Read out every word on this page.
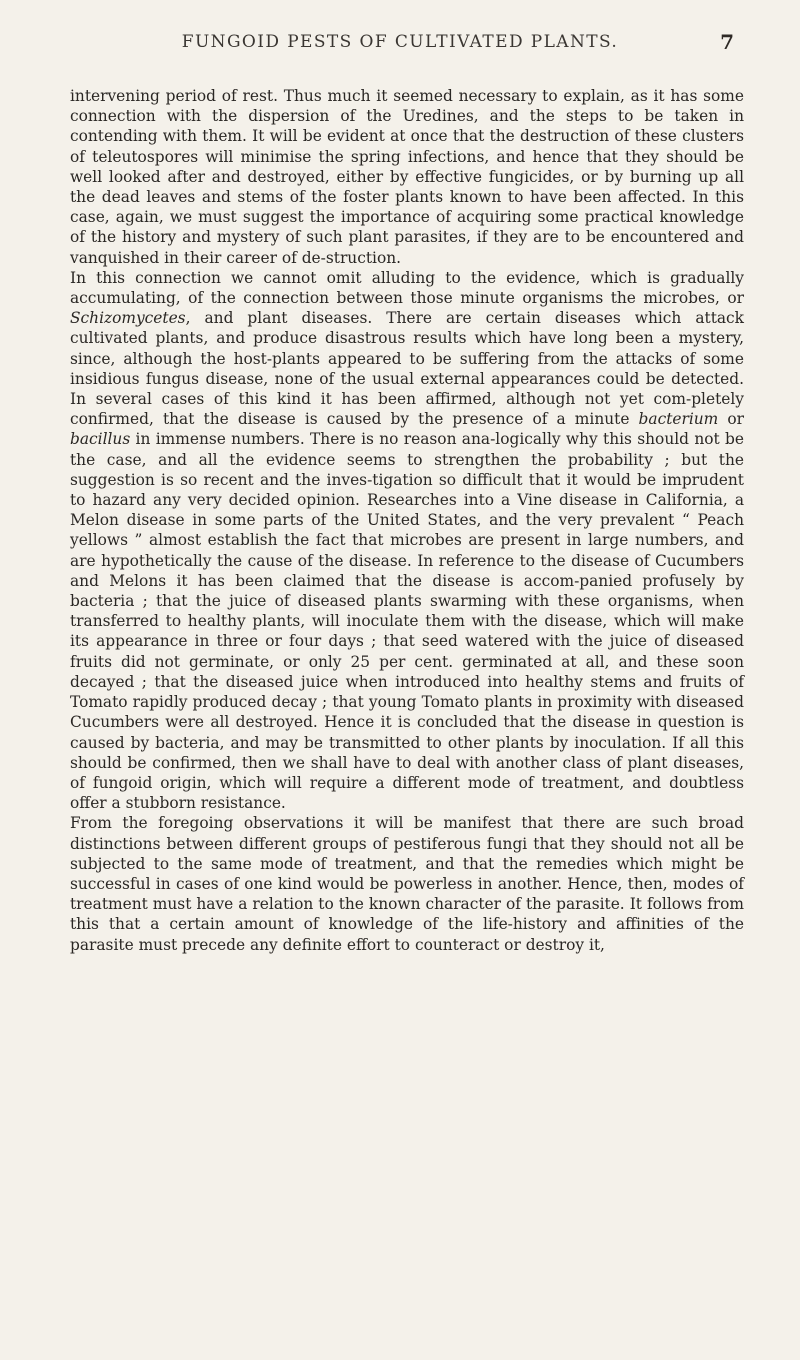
FUNGOID PESTS OF CULTIVATED PLANTS.	7

intervening period of rest. Thus much it seemed necessary to explain, as it has some connection with the dispersion of the Uredines, and the steps to be taken in contending with them. It will be evident at once that the destruction of these clusters of teleutospores will minimise the spring infections, and hence that they should be well looked after and destroyed, either by effective fungicides, or by burning up all the dead leaves and stems of the foster plants known to have been affected. In this case, again, we must suggest the importance of acquiring some practical knowledge of the history and mystery of such plant parasites, if they are to be encountered and vanquished in their career of de-struction.

In this connection we cannot omit alluding to the evidence, which is gradually accumulating, of the connection between those minute organisms the microbes, or Schizomycetes, and plant diseases. There are certain diseases which attack cultivated plants, and produce disastrous results which have long been a mystery, since, although the host-plants appeared to be suffering from the attacks of some insidious fungus disease, none of the usual external appearances could be detected. In several cases of this kind it has been affirmed, although not yet com-pletely confirmed, that the disease is caused by the presence of a minute bacterium or bacillus in immense numbers. There is no reason ana-logically why this should not be the case, and all the evidence seems to strengthen the probability ; but the suggestion is so recent and the inves-tigation so difficult that it would be imprudent to hazard any very decided opinion. Researches into a Vine disease in California, a Melon disease in some parts of the United States, and the very prevalent “ Peach yellows ” almost establish the fact that microbes are present in large numbers, and are hypothetically the cause of the disease. In reference to the disease of Cucumbers and Melons it has been claimed that the disease is accom-panied profusely by bacteria ; that the juice of diseased plants swarming with these organisms, when transferred to healthy plants, will inoculate them with the disease, which will make its appearance in three or four days ; that seed watered with the juice of diseased fruits did not germinate, or only 25 per cent. germinated at all, and these soon decayed ; that the diseased juice when introduced into healthy stems and fruits of Tomato rapidly produced decay ; that young Tomato plants in proximity with diseased Cucumbers were all destroyed. Hence it is concluded that the disease in question is caused by bacteria, and may be transmitted to other plants by inoculation. If all this should be confirmed, then we shall have to deal with another class of plant diseases, of fungoid origin, which will require a different mode of treatment, and doubtless offer a stubborn resistance.

From the foregoing observations it will be manifest that there are such broad distinctions between different groups of pestiferous fungi that they should not all be subjected to the same mode of treatment, and that the remedies which might be successful in cases of one kind would be powerless in another. Hence, then, modes of treatment must have a relation to the known character of the parasite. It follows from this that a certain amount of knowledge of the life-history and affinities of the parasite must precede any definite effort to counteract or destroy it,
